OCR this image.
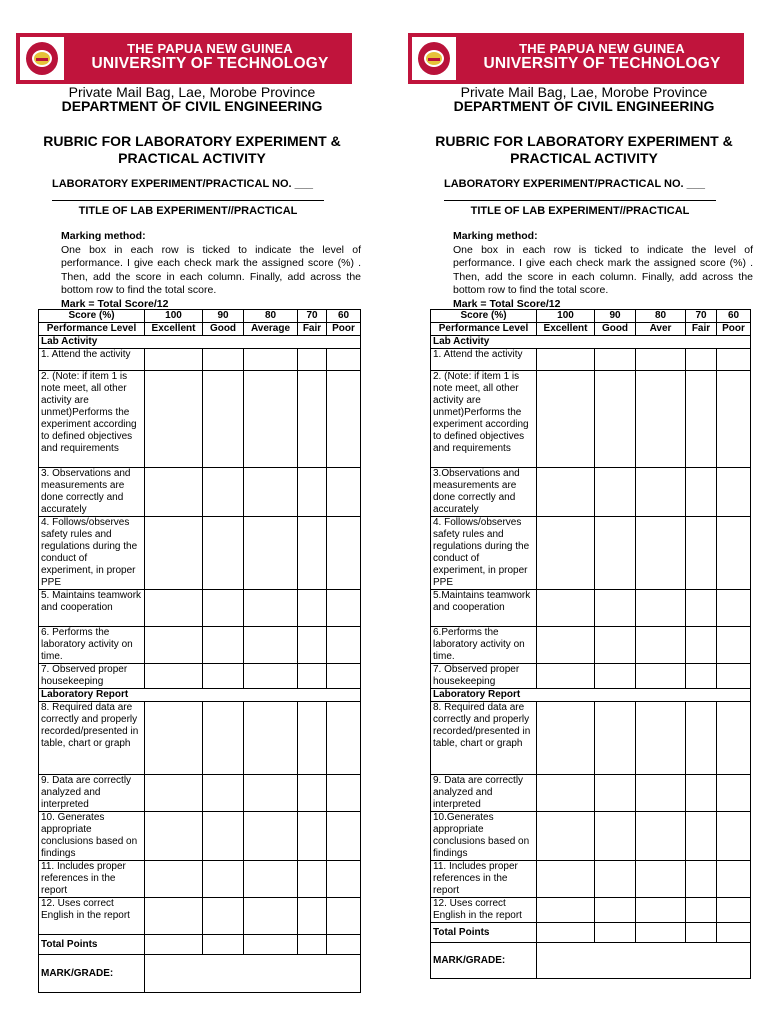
THE PAPUA NEW GUINEA
UNIVERSITY OF TECHNOLOGY
Private Mail Bag, Lae, Morobe Province
DEPARTMENT OF CIVIL ENGINEERING
RUBRIC FOR LABORATORY EXPERIMENT &
PRACTICAL ACTIVITY
LABORATORY EXPERIMENT/PRACTICAL NO. ___
TITLE OF LAB EXPERIMENT//PRACTICAL
Marking method:
One box in each row is ticked to indicate the level of performance. I give each check mark the assigned score (%) . Then, add the score in each column. Finally, add across the bottom row to find the total score.
Mark = Total Score/12
Score (%)	100	90	80	70	60
Performance Level	Excellent	Good	Average	Fair	Poor
Lab Activity					
1. Attend the activity					
2. (Note: if item 1 is note meet, all other activity are unmet)Performs the experiment according to defined objectives and requirements					
3. Observations and measurements are done correctly and accurately					
4. Follows/observes safety rules and regulations during the conduct of experiment, in proper PPE					
5. Maintains teamwork and cooperation					
6. Performs the laboratory activity on time.					
7. Observed proper housekeeping					
Laboratory Report					
8. Required data are correctly and properly recorded/presented in table, chart or graph					
9. Data are correctly analyzed and interpreted					
10. Generates appropriate conclusions based on findings					
11. Includes proper references in the report					
12. Uses correct English in the report					
Total Points					
MARK/GRADE:					
THE PAPUA NEW GUINEA
UNIVERSITY OF TECHNOLOGY
Private Mail Bag, Lae, Morobe Province
DEPARTMENT OF CIVIL ENGINEERING
RUBRIC FOR LABORATORY EXPERIMENT &
PRACTICAL ACTIVITY
LABORATORY EXPERIMENT/PRACTICAL NO. ___
TITLE OF LAB EXPERIMENT//PRACTICAL
Marking method:
One box in each row is ticked to indicate the level of performance. I give each check mark the assigned score (%) . Then, add the score in each column. Finally, add across the bottom row to find the total score.
Mark = Total Score/12
Score (%)	100	90	80	70	60
Performance Level	Excellent	Good	Aver	Fair	Poor
Lab Activity					
1. Attend the activity					
2. (Note: if item 1 is note meet, all other activity are unmet)Performs the experiment according to defined objectives and requirements					
3.Observations and measurements are done correctly and accurately					
4. Follows/observes safety rules and regulations during the conduct of experiment, in proper PPE					
5.Maintains teamwork and cooperation					
6.Performs the laboratory activity on time.					
7. Observed proper housekeeping					
Laboratory Report					
8. Required data are correctly and properly recorded/presented in table, chart or graph					
9. Data are correctly analyzed and interpreted					
10.Generates appropriate conclusions based on findings					
11. Includes proper references in the report					
12. Uses correct English in the report					
Total Points					
MARK/GRADE:					
